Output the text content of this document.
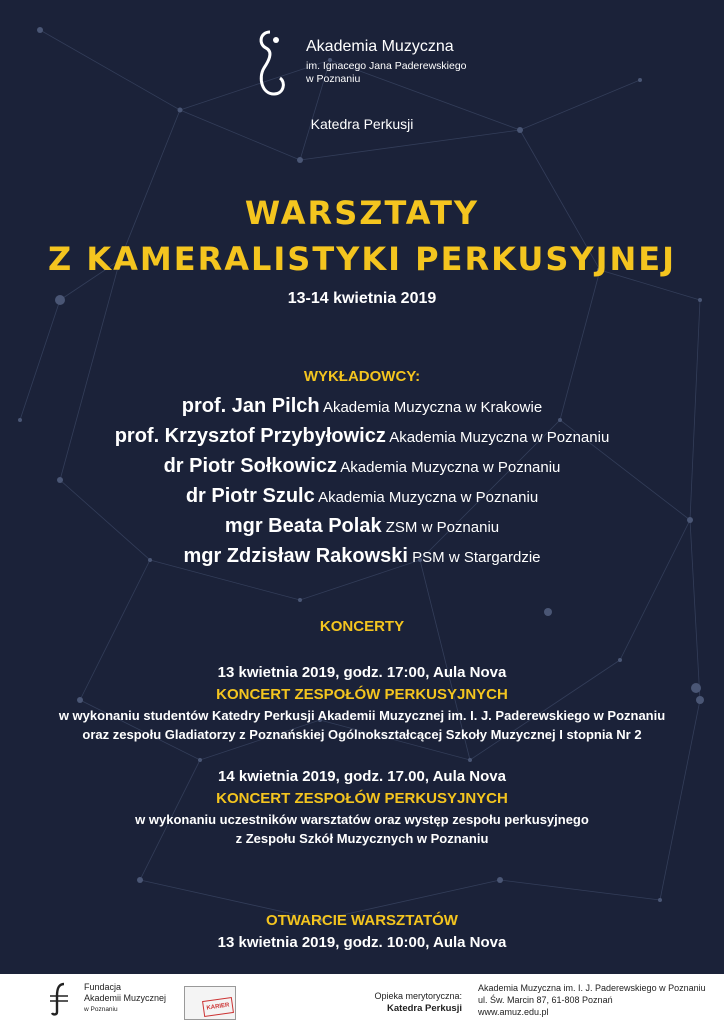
Akademia Muzyczna
im. Ignacego Jana Paderewskiego
w Poznaniu
Katedra Perkusji
WARSZTATY
Z KAMERALISTYKI PERKUSYJNEJ
13-14 kwietnia 2019
WYKŁADOWCY:
prof. Jan Pilch Akademia Muzyczna w Krakowie
prof. Krzysztof Przybyłowicz Akademia Muzyczna w Poznaniu
dr Piotr Sołkowicz Akademia Muzyczna w Poznaniu
dr Piotr Szulc Akademia Muzyczna w Poznaniu
mgr Beata Polak ZSM w Poznaniu
mgr Zdzisław Rakowski PSM w Stargardzie
KONCERTY
13 kwietnia 2019, godz. 17:00, Aula Nova
KONCERT ZESPOŁÓW PERKUSYJNYCH
w wykonaniu studentów Katedry Perkusji Akademii Muzycznej im. I. J. Paderewskiego w Poznaniu
oraz zespołu Gladiatorzy z Poznańskiej Ogólnokształcącej Szkoły Muzycznej I stopnia Nr 2
14 kwietnia 2019, godz. 17.00, Aula Nova
KONCERT ZESPOŁÓW PERKUSYJNYCH
w wykonaniu uczestników warsztatów oraz występ zespołu perkusyjnego
z Zespołu Szkół Muzycznych w Poznaniu
OTWARCIE WARSZTATÓW
13 kwietnia 2019, godz. 10:00, Aula Nova
Fundacja
Akademii Muzycznej
w Poznaniu	KARIER
Opieka merytoryczna:
Katedra Perkusji
Akademia Muzyczna im. I. J. Paderewskiego w Poznaniu
ul. Św. Marcin 87, 61-808 Poznań
www.amuz.edu.pl
